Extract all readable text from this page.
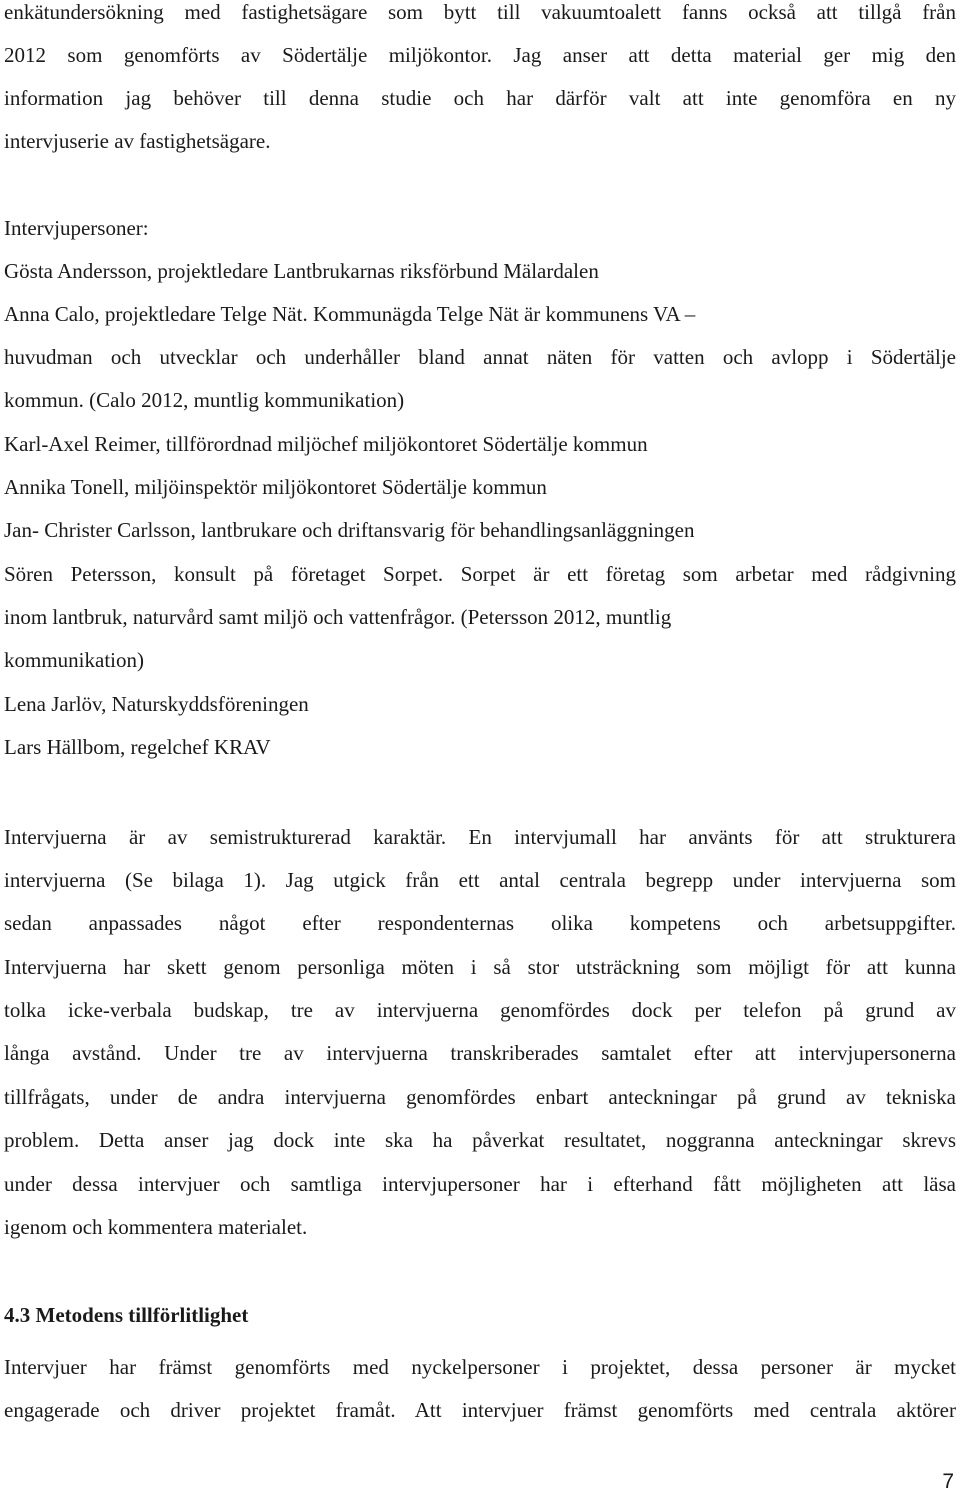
enkätundersökning med fastighetsägare som bytt till vakuumtoalett fanns också att tillgå från
2012 som genomförts av Södertälje miljökontor. Jag anser att detta material ger mig den
information jag behöver till denna studie och har därför valt att inte genomföra en ny
intervjuserie av fastighetsägare.
Intervjupersoner:
Gösta Andersson, projektledare Lantbrukarnas riksförbund Mälardalen
Anna Calo, projektledare Telge Nät. Kommunägda Telge Nät är kommunens VA –
huvudman och utvecklar och underhåller bland annat näten för vatten och avlopp i Södertälje
kommun. (Calo 2012, muntlig kommunikation)
Karl-Axel Reimer, tillförordnad miljöchef miljökontoret Södertälje kommun
Annika Tonell, miljöinspektör miljökontoret Södertälje kommun
Jan- Christer Carlsson, lantbrukare och driftansvarig för behandlingsanläggningen
Sören Petersson, konsult på företaget Sorpet. Sorpet är ett företag som arbetar med rådgivning
inom lantbruk, naturvård samt miljö och vattenfrågor. (Petersson 2012, muntlig
kommunikation)
Lena Jarlöv, Naturskyddsföreningen
Lars Hällbom, regelchef KRAV
Intervjuerna är av semistrukturerad karaktär. En intervjumall har använts för att strukturera
intervjuerna (Se bilaga 1). Jag utgick från ett antal centrala begrepp under intervjuerna som
sedan anpassades något efter respondenternas olika kompetens och arbetsuppgifter.
Intervjuerna har skett genom personliga möten i så stor utsträckning som möjligt för att kunna
tolka icke-verbala budskap, tre av intervjuerna genomfördes dock per telefon på grund av
långa avstånd. Under tre av intervjuerna transkriberades samtalet efter att intervjupersonerna
tillfrågats, under de andra intervjuerna genomfördes enbart anteckningar på grund av tekniska
problem. Detta anser jag dock inte ska ha påverkat resultatet, noggranna anteckningar skrevs
under dessa intervjuer och samtliga intervjupersoner har i efterhand fått möjligheten att läsa
igenom och kommentera materialet.
4.3 Metodens tillförlitlighet
Intervjuer har främst genomförts med nyckelpersoner i projektet, dessa personer är mycket
engagerade och driver projektet framåt. Att intervjuer främst genomförts med centrala aktörer
7
